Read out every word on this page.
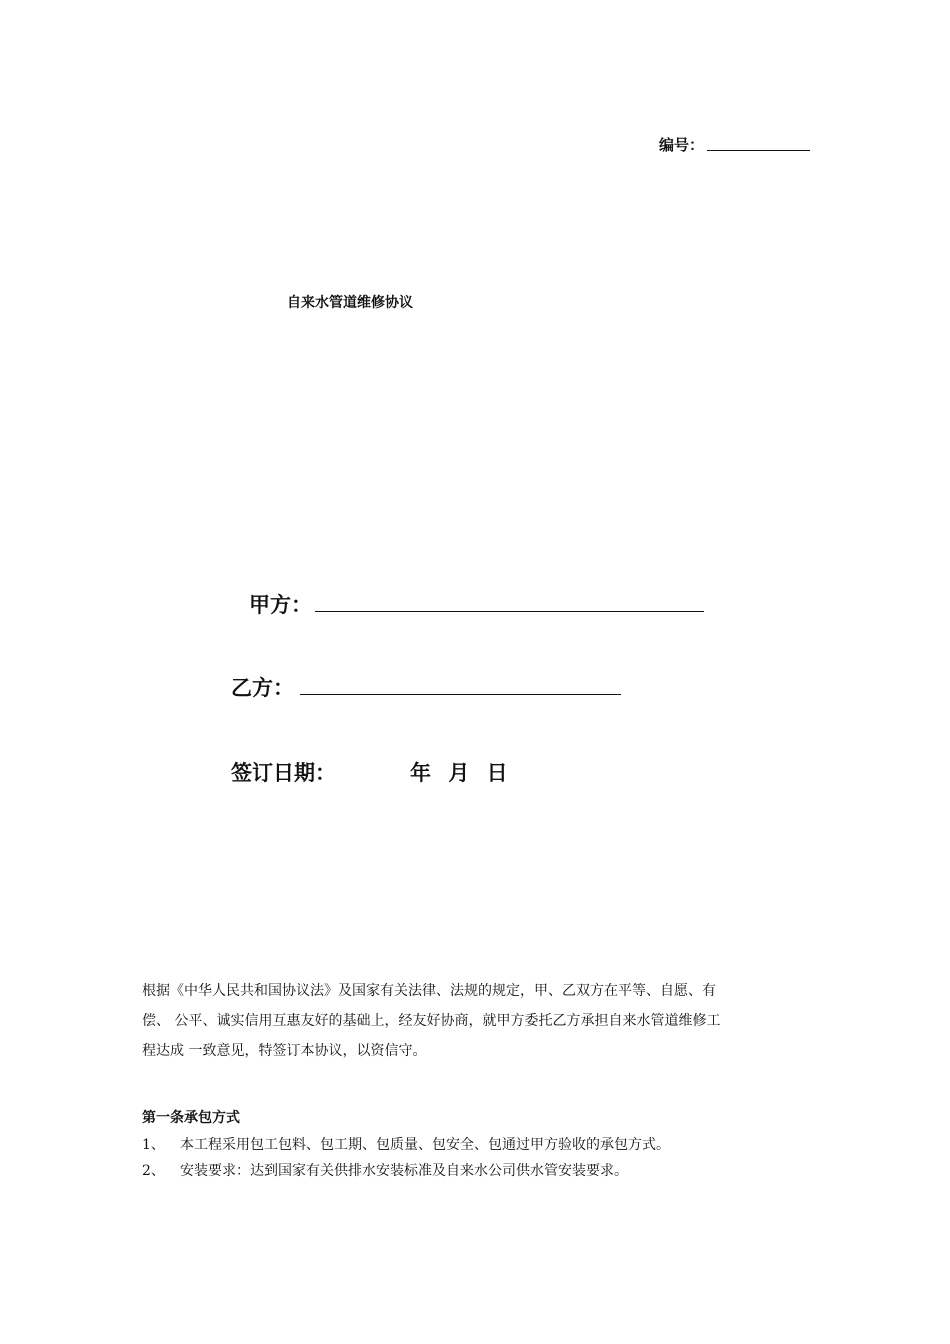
编号：
自来水管道维修协议
甲方：
乙方：
签订日期：	年 月 日
根据《中华人民共和国协议法》及国家有关法律、法规的规定，甲、乙双方在平等、自愿、有
偿、 公平、诚实信用互惠友好的基础上，经友好协商，就甲方委托乙方承担自来水管道维修工
程达成 一致意见，特签订本协议，以资信守。
第一条承包方式
1、 本工程采用包工包料、包工期、包质量、包安全、包通过甲方验收的承包方式。
2、 安装要求：达到国家有关供排水安装标准及自来水公司供水管安装要求。
